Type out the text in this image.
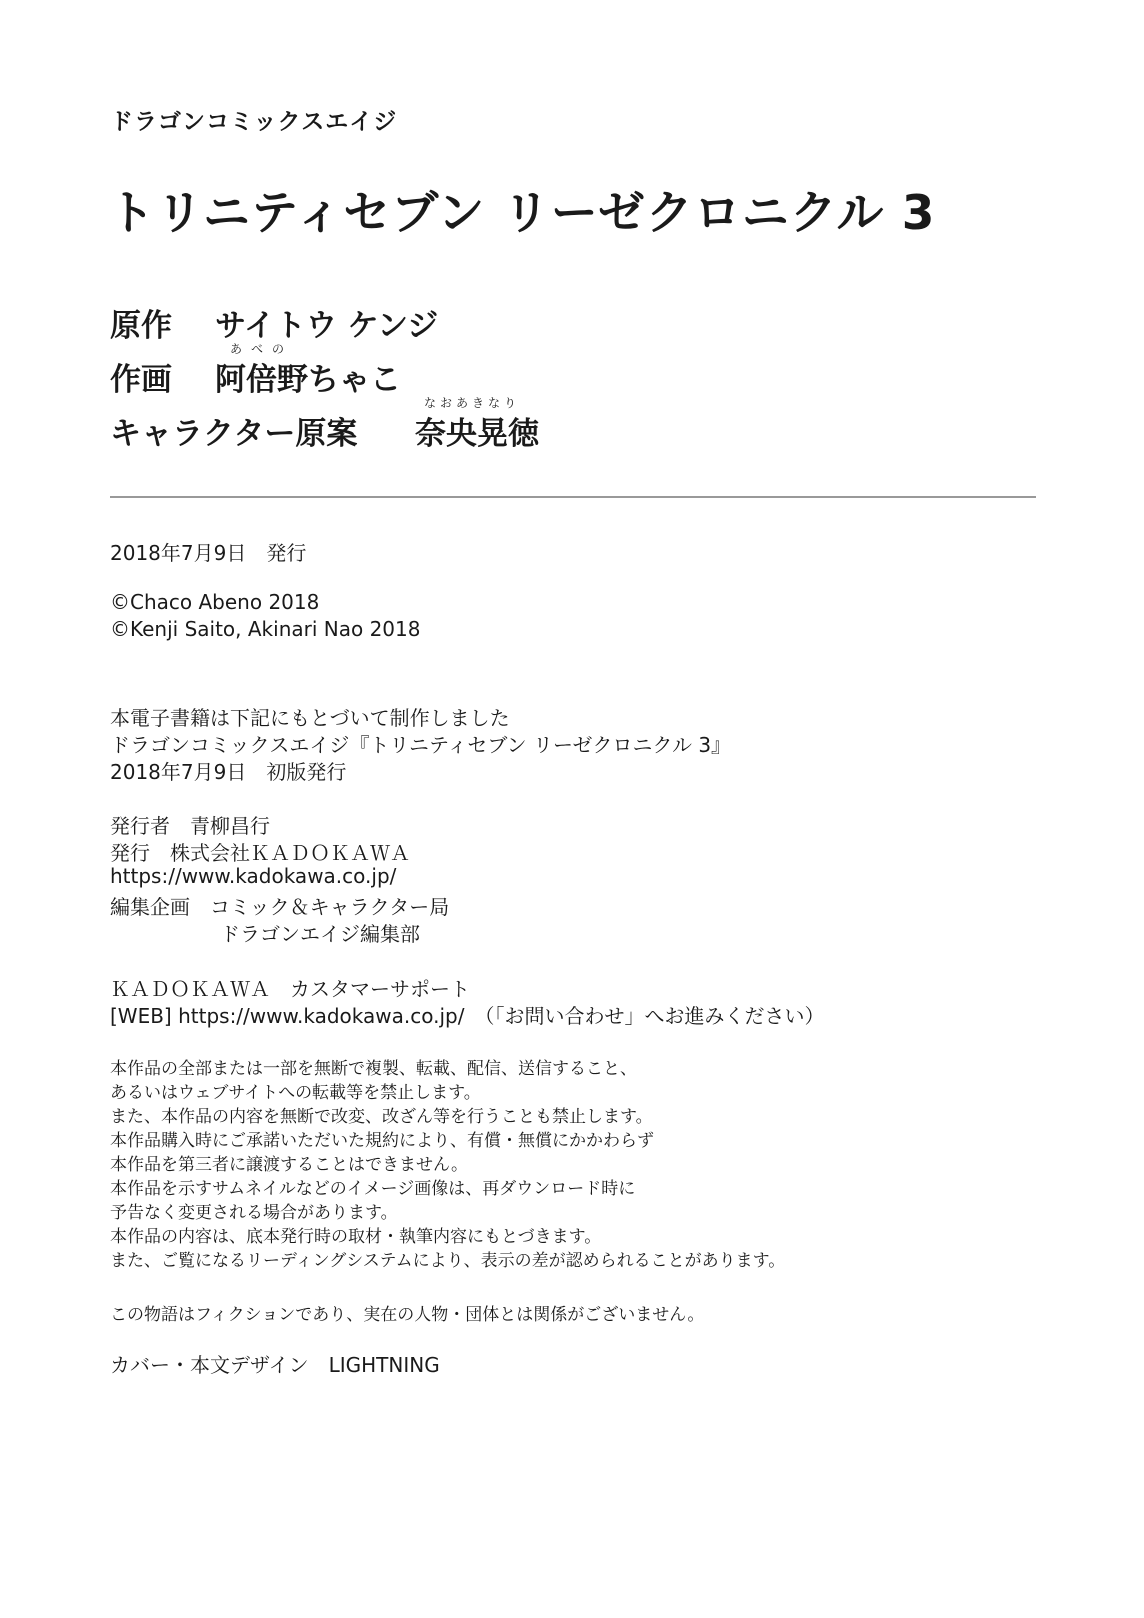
ドラゴンコミックスエイジ
トリニティセブン リーゼクロニクル 3
原作 サイトウ ケンジ
作画
あべの
阿倍野ちゃこ
キャラクター原案
なおあきなり
奈央晃徳
2018年7月9日　発行
©Chaco Abeno 2018
©Kenji Saito, Akinari Nao 2018
本電子書籍は下記にもとづいて制作しました
ドラゴンコミックスエイジ『トリニティセブン リーゼクロニクル 3』
2018年7月9日　初版発行
発行者　青柳昌行
発行　株式会社ＫＡＤＯＫＡＷＡ
https://www.kadokawa.co.jp/
編集企画　コミック＆キャラクター局
ドラゴンエイジ編集部
ＫＡＤＯＫＡＷＡ　カスタマーサポート
[WEB] https://www.kadokawa.co.jp/　（「お問い合わせ」へお進みください）
本作品の全部または一部を無断で複製、転載、配信、送信すること、
あるいはウェブサイトへの転載等を禁止します。
また、本作品の内容を無断で改変、改ざん等を行うことも禁止します。
本作品購入時にご承諾いただいた規約により、有償・無償にかかわらず
本作品を第三者に譲渡することはできません。
本作品を示すサムネイルなどのイメージ画像は、再ダウンロード時に
予告なく変更される場合があります。
本作品の内容は、底本発行時の取材・執筆内容にもとづきます。
また、ご覧になるリーディングシステムにより、表示の差が認められることがあります。
この物語はフィクションであり、実在の人物・団体とは関係がございません。
カバー・本文デザイン　LIGHTNING
